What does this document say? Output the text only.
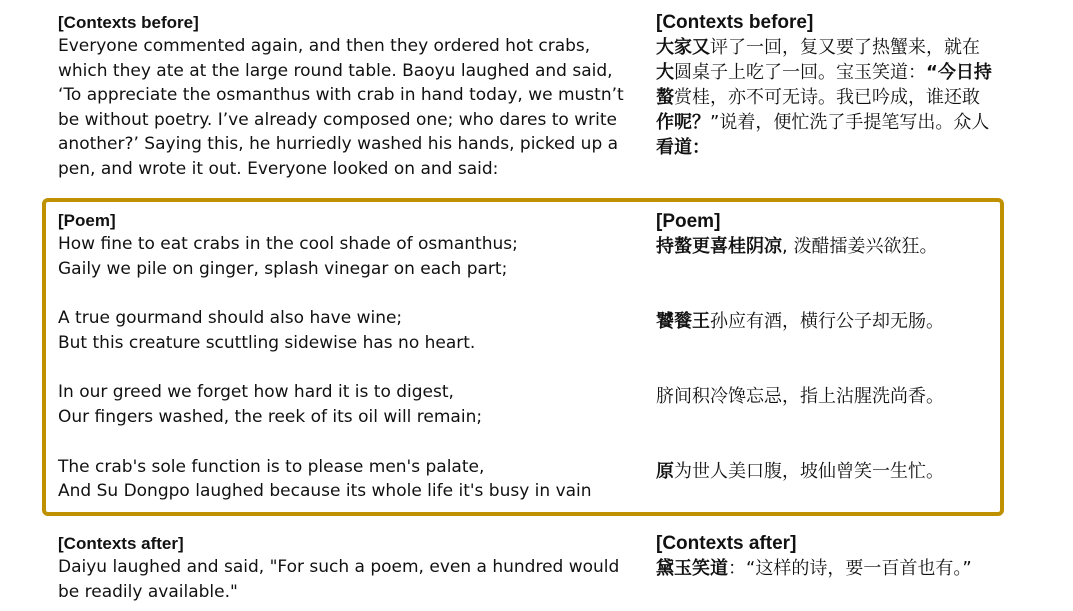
[Contexts before]
Everyone commented again, and then they ordered hot crabs,
which they ate at the large round table. Baoyu laughed and said,
‘To appreciate the osmanthus with crab in hand today, we mustn’t
be without poetry. I’ve already composed one; who dares to write
another?’ Saying this, he hurriedly washed his hands, picked up a
pen, and wrote it out. Everyone looked on and said:
[Contexts before]
大家又评了一回，复又要了热蟹来，就在
大圆桌子上吃了一回。宝玉笑道：“今日持
螯赏桂，亦不可无诗。我已吟成，谁还敢
作呢？”说着，便忙洗了手提笔写出。众人
看道：
[Poem]
How fine to eat crabs in the cool shade of osmanthus;
Gaily we pile on ginger, splash vinegar on each part;
A true gourmand should also have wine;
But this creature scuttling sidewise has no heart.
In our greed we forget how hard it is to digest,
Our fingers washed, the reek of its oil will remain;
The crab's sole function is to please men's palate,
And Su Dongpo laughed because its whole life it's busy in vain
[Poem]
持螯更喜桂阴凉, 泼醋擂姜兴欲狂。
饕餮王孙应有酒，横行公子却无肠。
脐间积冷馋忘忌，指上沾腥洗尚香。
原为世人美口腹，坡仙曾笑一生忙。
[Contexts after]
Daiyu laughed and said, "For such a poem, even a hundred would
be readily available."
[Contexts after]
黛玉笑道：“这样的诗，要一百首也有。”
